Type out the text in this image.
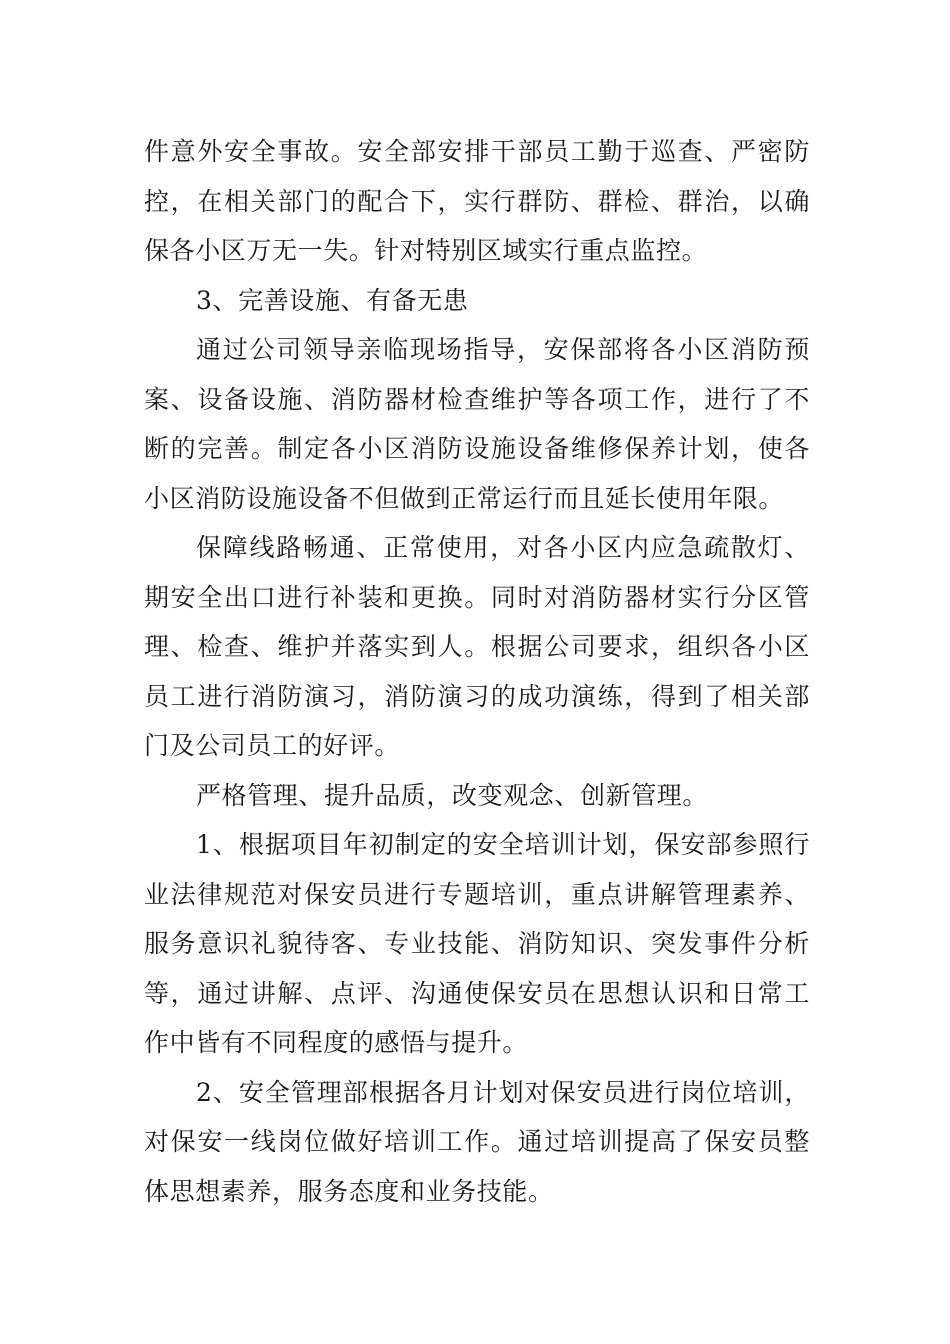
件意外安全事故。安全部安排干部员工勤于巡查、严密防
控，在相关部门的配合下，实行群防、群检、群治，以确
保各小区万无一失。针对特别区域实行重点监控。
3、完善设施、有备无患
通过公司领导亲临现场指导，安保部将各小区消防预
案、设备设施、消防器材检查维护等各项工作，进行了不
断的完善。制定各小区消防设施设备维修保养计划，使各
小区消防设施设备不但做到正常运行而且延长使用年限。
保障线路畅通、正常使用，对各小区内应急疏散灯、
期安全出口进行补装和更换。同时对消防器材实行分区管
理、检查、维护并落实到人。根据公司要求，组织各小区
员工进行消防演习，消防演习的成功演练，得到了相关部
门及公司员工的好评。
严格管理、提升品质，改变观念、创新管理。
1、根据项目年初制定的安全培训计划，保安部参照行
业法律规范对保安员进行专题培训，重点讲解管理素养、
服务意识礼貌待客、专业技能、消防知识、突发事件分析
等，通过讲解、点评、沟通使保安员在思想认识和日常工
作中皆有不同程度的感悟与提升。
2、安全管理部根据各月计划对保安员进行岗位培训，
对保安一线岗位做好培训工作。通过培训提高了保安员整
体思想素养，服务态度和业务技能。
